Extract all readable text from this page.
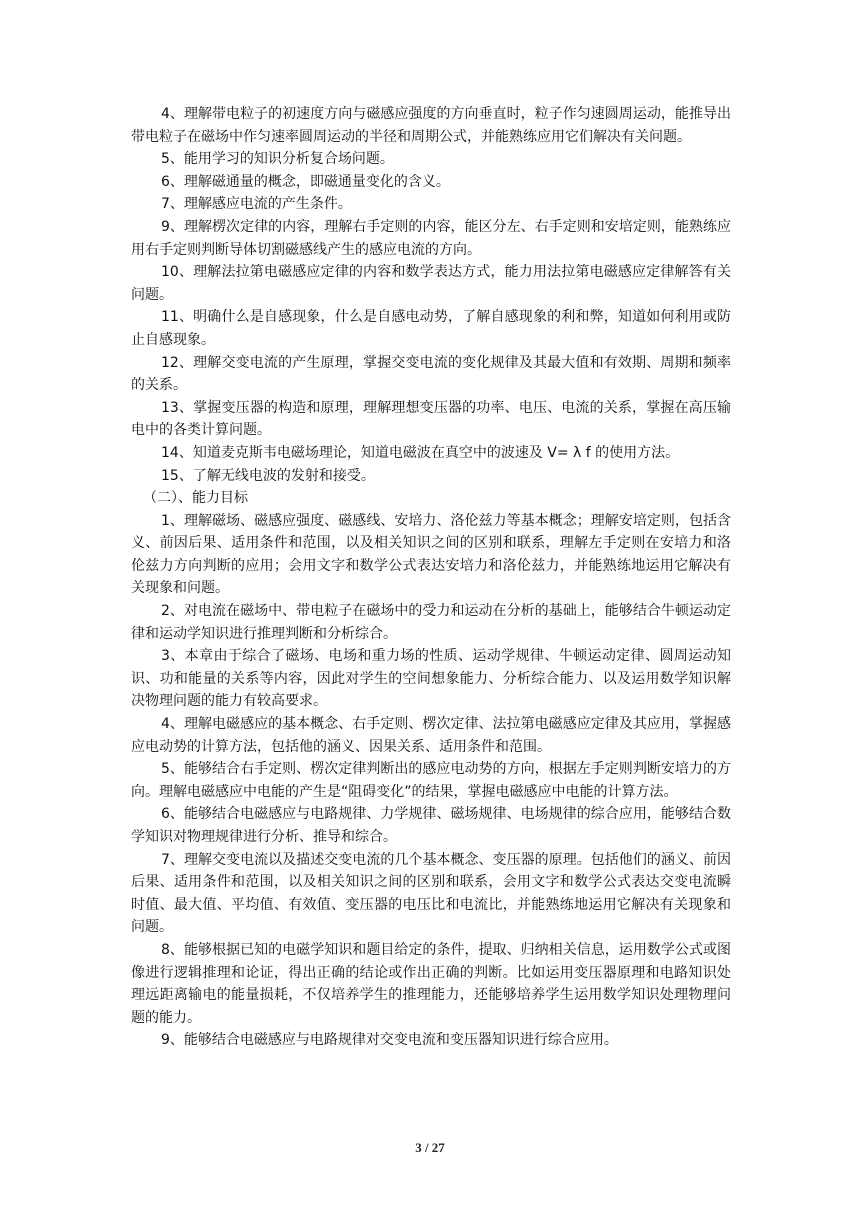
4、理解带电粒子的初速度方向与磁感应强度的方向垂直时，粒子作匀速圆周运动，能推导出带电粒子在磁场中作匀速率圆周运动的半径和周期公式，并能熟练应用它们解决有关问题。

5、能用学习的知识分析复合场问题。

6、理解磁通量的概念，即磁通量变化的含义。

7、理解感应电流的产生条件。

9、理解楞次定律的内容，理解右手定则的内容，能区分左、右手定则和安培定则，能熟练应用右手定则判断导体切割磁感线产生的感应电流的方向。

10、理解法拉第电磁感应定律的内容和数学表达方式，能力用法拉第电磁感应定律解答有关问题。

11、明确什么是自感现象，什么是自感电动势，了解自感现象的利和弊，知道如何利用或防止自感现象。

12、理解交变电流的产生原理，掌握交变电流的变化规律及其最大值和有效期、周期和频率的关系。

13、掌握变压器的构造和原理，理解理想变压器的功率、电压、电流的关系，掌握在高压输电中的各类计算问题。

14、知道麦克斯韦电磁场理论，知道电磁波在真空中的波速及 V= λ f 的使用方法。

15、了解无线电波的发射和接受。

（二）、能力目标

1、理解磁场、磁感应强度、磁感线、安培力、洛伦兹力等基本概念；理解安培定则，包括含义、前因后果、适用条件和范围，以及相关知识之间的区别和联系，理解左手定则在安培力和洛伦兹力方向判断的应用；会用文字和数学公式表达安培力和洛伦兹力，并能熟练地运用它解决有关现象和问题。

2、对电流在磁场中、带电粒子在磁场中的受力和运动在分析的基础上，能够结合牛顿运动定律和运动学知识进行推理判断和分析综合。

3、本章由于综合了磁场、电场和重力场的性质、运动学规律、牛顿运动定律、圆周运动知识、功和能量的关系等内容，因此对学生的空间想象能力、分析综合能力、以及运用数学知识解决物理问题的能力有较高要求。

4、理解电磁感应的基本概念、右手定则、楞次定律、法拉第电磁感应定律及其应用，掌握感应电动势的计算方法，包括他的涵义、因果关系、适用条件和范围。

5、能够结合右手定则、楞次定律判断出的感应电动势的方向，根据左手定则判断安培力的方向。理解电磁感应中电能的产生是“阻碍变化”的结果，掌握电磁感应中电能的计算方法。

6、能够结合电磁感应与电路规律、力学规律、磁场规律、电场规律的综合应用，能够结合数学知识对物理规律进行分析、推导和综合。

7、理解交变电流以及描述交变电流的几个基本概念、变压器的原理。包括他们的涵义、前因后果、适用条件和范围，以及相关知识之间的区别和联系，会用文字和数学公式表达交变电流瞬时值、最大值、平均值、有效值、变压器的电压比和电流比，并能熟练地运用它解决有关现象和问题。

8、能够根据已知的电磁学知识和题目给定的条件，提取、归纳相关信息，运用数学公式或图像进行逻辑推理和论证，得出正确的结论或作出正确的判断。比如运用变压器原理和电路知识处理远距离输电的能量损耗，不仅培养学生的推理能力，还能够培养学生运用数学知识处理物理问题的能力。

9、能够结合电磁感应与电路规律对交变电流和变压器知识进行综合应用。

3 / 27
